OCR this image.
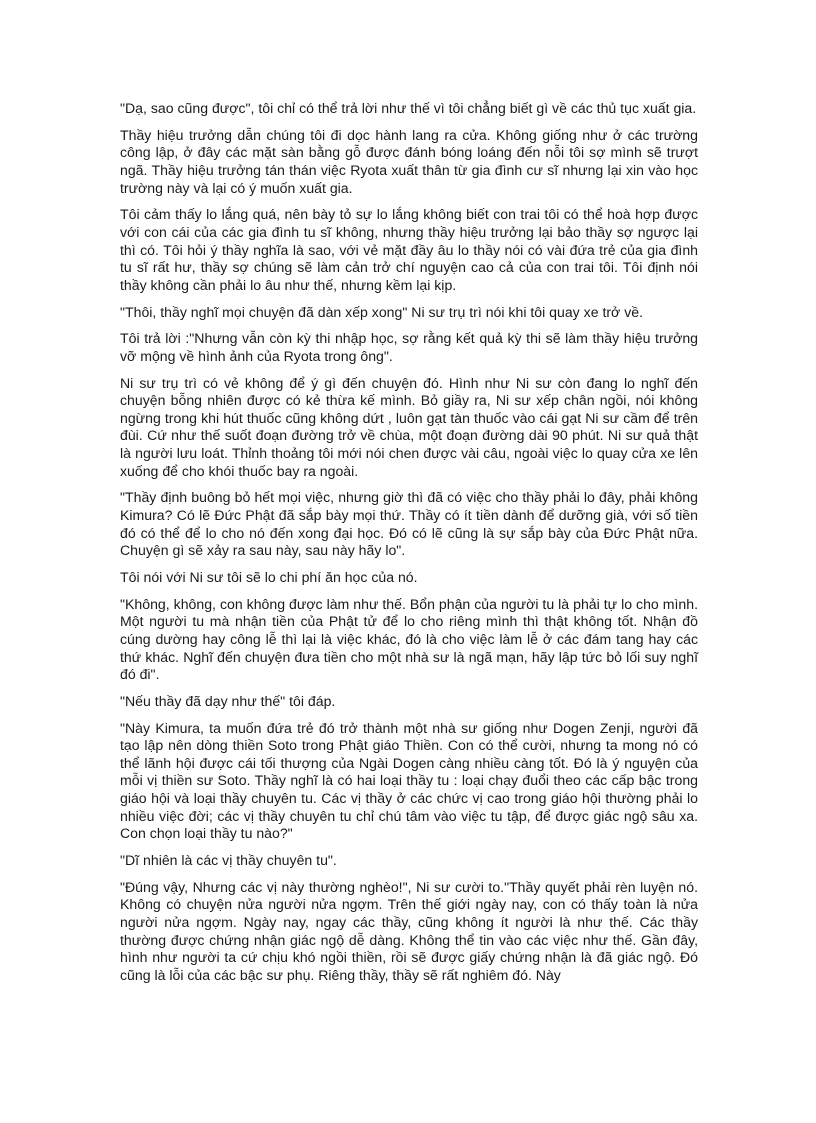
"Dạ, sao cũng được", tôi chỉ có thể trả lời như thế vì tôi chẳng biết gì về các thủ tục xuất gia.

Thầy hiệu trưởng dẫn chúng tôi đi dọc hành lang ra cửa. Không giống như ở các trường công lập, ở đây các mặt sàn bằng gỗ được đánh bóng loáng đến nỗi tôi sợ mình sẽ trượt ngã. Thầy hiệu trưởng tán thán việc Ryota xuất thân từ gia đình cư sĩ nhưng lại xin vào học trường này và lại có ý muốn xuất gia.

Tôi cảm thấy lo lắng quá, nên bày tỏ sự lo lắng không biết con trai tôi có thể hoà hợp được với con cái của các gia đình tu sĩ không, nhưng thầy hiệu trưởng lại bảo thầy sợ ngược lại thì có. Tôi hỏi ý thầy nghĩa là sao, với vẻ mặt đầy âu lo thầy nói có vài đứa trẻ của gia đình tu sĩ rất hư, thầy sợ chúng sẽ làm cản trở chí nguyện cao cả của con trai tôi. Tôi định nói thầy không cần phải lo âu như thế, nhưng kềm lại kịp.

"Thôi, thầy nghĩ mọi chuyện đã dàn xếp xong" Ni sư trụ trì nói khi tôi quay xe trở về.

Tôi trả lời :"Nhưng vẫn còn kỳ thi nhập học, sợ rằng kết quả kỳ thi sẽ làm thầy hiệu trưởng vỡ mộng về hình ảnh của Ryota trong ông".

Ni sư trụ trì có vẻ không để ý gì đến chuyện đó. Hình như Ni sư còn đang lo nghĩ đến chuyện bỗng nhiên được có kẻ thừa kế mình. Bỏ giầy ra, Ni sư xếp chân ngồi, nói không ngừng trong khi hút thuốc cũng không dứt , luôn gạt tàn thuốc vào cái gạt Ni sư cầm để trên đùi. Cứ như thế suốt đoạn đường trở về chùa, một đoạn đường dài 90 phút. Ni sư quả thật là người lưu loát. Thỉnh thoảng tôi mới nói chen được vài câu, ngoài việc lo quay cửa xe lên xuống để cho khói thuốc bay ra ngoài.

"Thầy định buông bỏ hết mọi việc, nhưng giờ thì đã có việc cho thầy phải lo đây, phải không Kimura? Có lẽ Đức Phật đã sắp bày mọi thứ. Thầy có ít tiền dành để dưỡng già, với số tiền đó có thể để lo cho nó đến xong đại học. Đó có lẽ cũng là sự sắp bày của Đức Phật nữa. Chuyện gì sẽ xảy ra sau này, sau này hãy lo".

Tôi nói với Ni sư tôi sẽ lo chi phí ăn học của nó.

"Không, không, con không được làm như thế. Bổn phận của người tu là phải tự lo cho mình. Một người tu mà nhận tiền của Phật tử để lo cho riêng mình thì thật không tốt. Nhận đồ cúng dường hay công lễ thì lại là việc khác, đó là cho việc làm lễ ở các đám tang hay các thứ khác. Nghĩ đến chuyện đưa tiền cho một nhà sư là ngã mạn, hãy lập tức bỏ lối suy nghĩ đó đi".

"Nếu thầy đã dạy như thế" tôi đáp.

"Này Kimura, ta muốn đứa trẻ đó trở thành một nhà sư giống như Dogen Zenji, người đã tạo lập nên dòng thiền Soto trong Phật giáo Thiền. Con có thể cười, nhưng ta mong nó có thể lãnh hội được cái tối thượng của Ngài Dogen càng nhiều càng tốt. Đó là ý nguyện của mỗi vị thiền sư Soto. Thầy nghĩ là có hai loại thầy tu : loại chạy đuổi theo các cấp bậc trong giáo hội và loại thầy chuyên tu. Các vị thầy ở các chức vị cao trong giáo hội thường phải lo nhiều việc đời; các vị thầy chuyên tu chỉ chú tâm vào việc tu tập, để được giác ngộ sâu xa. Con chọn loại thầy tu nào?"

"Dĩ nhiên là các vị thầy chuyên tu".

"Đúng vậy, Nhưng các vị này thường nghèo!", Ni sư cười to."Thầy quyết phải rèn luyện nó. Không có chuyện nửa người nửa ngợm. Trên thế giới ngày nay, con có thấy toàn là nửa người nửa ngợm. Ngày nay, ngay các thầy, cũng không ít người là như thế. Các thầy thường được chứng nhận giác ngộ dễ dàng. Không thể tin vào các việc như thế. Gần đây, hình như người ta cứ chịu khó ngồi thiền, rồi sẽ được giấy chứng nhận là đã giác ngộ. Đó cũng là lỗi của các bậc sư phụ. Riêng thầy, thầy sẽ rất nghiêm đó. Này
